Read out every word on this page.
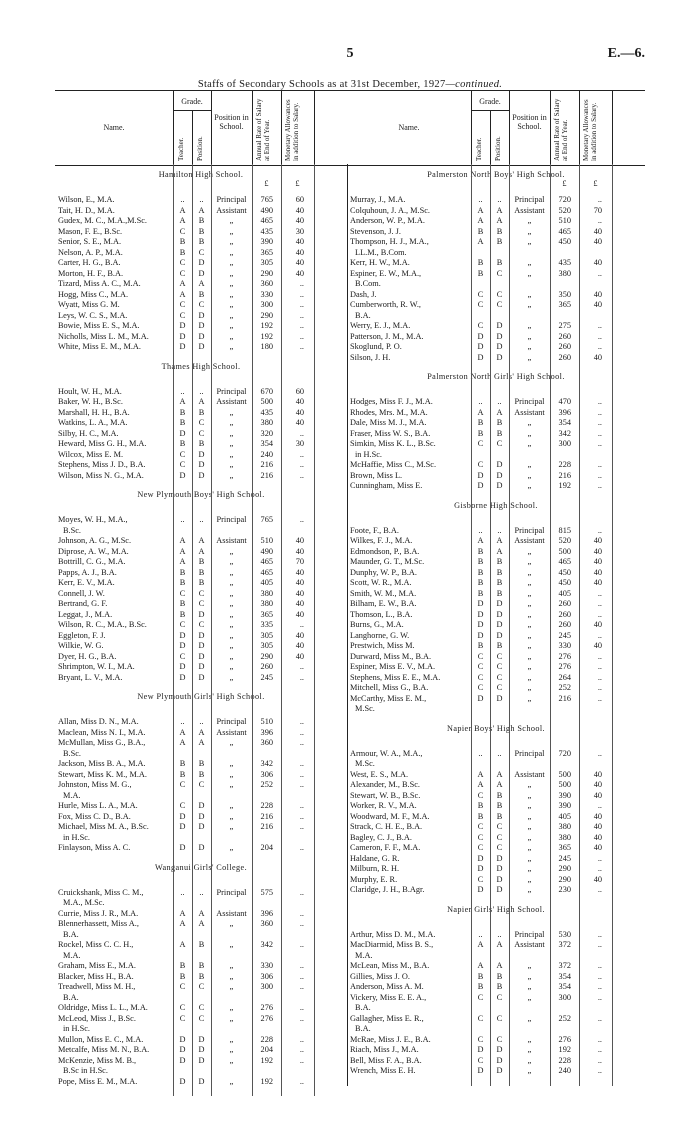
5	E.—6.
Staffs of Secondary Schools as at 31st December, 1927—continued.
Name.
Grade.
Teacher. Position.
Position in School.	Annual Rate of Salary at End of Year. Monetary Allowances in addition to Salary.	Name.
Grade.
Teacher. Position.
Position in School.	Annual Rate of Salary at End of Year. Monetary Allowances in addition to Salary.
£	£
Hamilton High School.
Wilson, E., M.A.	..	..	Principal	765	60
Tait, H. D., M.A.	A	A	Assistant	490	40
Gudex, M. C., M.A.,M.Sc.	A	B	„	465	40
Mason, F. E., B.Sc.	C	B	„	435	30
Senior, S. E., M.A.	B	B	„	390	40
Nelson, A. P., M.A.	B	C	„	365	40
Carter, H. G., B.A.	C	D	„	305	40
Morton, H. F., B.A.	C	D	„	290	40
Tizard, Miss A. C., M.A.	A	A	„	360	..
Hogg, Miss C., M.A.	A	B	„	330	..
Wyatt, Miss G. M.	C	C	„	300	..
Leys, W. C. S., M.A.	C	D	„	290	..
Bowie, Miss E. S., M.A.	D	D	„	192	..
Nicholls, Miss L. M., M.A.	D	D	„	192	..
White, Miss E. M., M.A.	D	D	„	180	..
Thames High School.
Hoult, W. H., M.A.	..	..	Principal	670	60
Baker, W. H., B.Sc.	A	A	Assistant	500	40
Marshall, H. H., B.A.	B	B	„	435	40
Watkins, L. A., M.A.	B	C	„	380	40
Silby, H. C., M.A.	D	C	„	320	..
Heward, Miss G. H., M.A.	B	B	„	354	30
Wilcox, Miss E. M.	C	D	„	240	..
Stephens, Miss J. D., B.A.	C	D	„	216	..
Wilson, Miss N. G., M.A.	D	D	„	216	..
New Plymouth Boys' High School.
Moyes, W. H., M.A.,	..	..	Principal	765	..
B.Sc.
Johnson, A. G., M.Sc.	A	A	Assistant	510	40
Diprose, A. W., M.A.	A	A	„	490	40
Bottrill, C. G., M.A.	A	B	„	465	70
Papps, A. J., B.A.	B	B	„	465	40
Kerr, E. V., M.A.	B	B	„	405	40
Connell, J. W.	C	C	„	380	40
Bertrand, G. F.	B	C	„	380	40
Leggat, J., M.A.	B	D	„	365	40
Wilson, R. C., M.A., B.Sc.	C	C	„	335	..
Eggleton, F. J.	D	D	„	305	40
Wilkie, W. G.	D	D	„	305	40
Dyer, H. G., B.A.	C	D	„	290	40
Shrimpton, W. I., M.A.	D	D	„	260	..
Bryant, L. V., M.A.	D	D	„	245	..
New Plymouth Girls' High School.
Allan, Miss D. N., M.A.	..	..	Principal	510	..
Maclean, Miss N. I., M.A.	A	A	Assistant	396	..
McMullan, Miss G., B.A.,	A	A	„	360	..
B.Sc.
Jackson, Miss B. A., M.A.	B	B	„	342	..
Stewart, Miss K. M., M.A.	B	B	„	306	..
Johnston, Miss M. G.,	C	C	„	252	..
M.A.
Hurle, Miss L. A., M.A.	C	D	„	228	..
Fox, Miss C. D., B.A.	D	D	„	216	..
Michael, Miss M. A., B.Sc.	D	D	„	216	..
in H.Sc.
Finlayson, Miss A. C.	D	D	„	204	..
Wanganui Girls' College.
Cruickshank, Miss C. M.,	..	..	Principal	575	..
M.A., M.Sc.
Currie, Miss J. R., M.A.	A	A	Assistant	396	..
Blennerhassett, Miss A.,	A	A	„	360	..
B.A.
Rockel, Miss C. C. H.,	A	B	„	342	..
M.A.
Graham, Miss E., M.A.	B	B	„	330	..
Blacker, Miss H., B.A.	B	B	„	306	..
Treadwell, Miss M. H.,	C	C	„	300	..
B.A.
Oldridge, Miss L. L., M.A.	C	C	„	276	..
McLeod, Miss J., B.Sc.	C	C	„	276	..
in H.Sc.
Mullon, Miss E. C., M.A.	D	D	„	228	..
Metcalfe, Miss M. N., B.A.	D	D	„	204	..
McKenzie, Miss M. B.,	D	D	„	192	..
B.Sc in H.Sc.
Pope, Miss E. M., M.A.	D	D	„	192	..
£	£
Palmerston North Boys' High School.
Murray, J., M.A.	..	..	Principal	720	..
Colquhoun, J. A., M.Sc.	A	A	Assistant	520	70
Anderson, W. P., M.A.	A	A	„	510	..
Stevenson, J. J.	B	B	„	465	40
Thompson, H. J., M.A.,	A	B	„	450	40
LL.M., B.Com.
Kerr, H. W., M.A.	B	B	„	435	40
Espiner, E. W., M.A.,	B	C	„	380	..
B.Com.
Dash, J.	C	C	„	350	40
Cumberworth, R. W.,	C	C	„	365	40
B.A.
Werry, E. J., M.A.	C	D	„	275	..
Patterson, J. M., M.A.	D	D	„	260	..
Skoglund, P. O.	D	D	„	260	..
Silson, J. H.	D	D	„	260	40
Palmerston North Girls' High School.
Hodges, Miss F. J., M.A.	..	..	Principal	470	..
Rhodes, Mrs. M., M.A.	A	A	Assistant	396	..
Dale, Miss M. J., M.A.	B	B	„	354	..
Fraser, Miss W. S., B.A.	B	B	„	342	..
Simkin, Miss K. L., B.Sc.	C	C	„	300	..
in H.Sc.
McHaffie, Miss C., M.Sc.	C	D	„	228	..
Brown, Miss L.	D	D	„	216	..
Cunningham, Miss E.	D	D	„	192	..
Gisborne High School.
Foote, F., B.A.	..	..	Principal	815	..
Wilkes, F. J., M.A.	A	A	Assistant	520	40
Edmondson, P., B.A.	B	A	„	500	40
Maunder, G. T., M.Sc.	B	B	„	465	40
Dunphy, W. P., B.A.	B	B	„	450	40
Scott, W. R., M.A.	B	B	„	450	40
Smith, W. M., M.A.	B	B	„	405	..
Bilham, E. W., B.A.	D	D	„	260	..
Thomson, L., B.A.	D	D	„	260	..
Burns, G., M.A.	D	D	„	260	40
Langhorne, G. W.	D	D	„	245	..
Prestwich, Miss M.	B	B	„	330	40
Durward, Miss M., B.A.	C	C	„	276	..
Espiner, Miss E. V., M.A.	C	C	„	276	..
Stephens, Miss E. E., M.A.	C	C	„	264	..
Mitchell, Miss G., B.A.	C	C	„	252	..
McCarthy, Miss E. M.,	D	D	„	216	..
M.Sc.
Napier Boys' High School.
Armour, W. A., M.A.,	..	..	Principal	720	..
M.Sc.
West, E. S., M.A.	A	A	Assistant	500	40
Alexander, M., B.Sc.	A	A	„	500	40
Stewart, W. B., B.Sc.	C	B	„	390	40
Worker, R. V., M.A.	B	B	„	390	..
Woodward, M. F., M.A.	B	B	„	405	40
Strack, C. H. E., B.A.	C	C	„	380	40
Bagley, C. J., B.A.	C	C	„	380	40
Cameron, F. F., M.A.	C	C	„	365	40
Haldane, G. R.	D	D	„	245	..
Milburn, R. H.	D	D	„	290	..
Murphy, E. R.	C	D	„	290	40
Claridge, J. H., B.Agr.	D	D	„	230	..
Napier Girls' High School.
Arthur, Miss D. M., M.A.	..	..	Principal	530	..
MacDiarmid, Miss B. S.,	A	A	Assistant	372	..
M.A.
McLean, Miss M., B.A.	A	A	„	372	..
Gillies, Miss J. O.	B	B	„	354	..
Anderson, Miss A. M.	B	B	„	354	..
Vickery, Miss E. E. A.,	C	C	„	300	..
B.A.
Gallagher, Miss E. R.,	C	C	„	252	..
B.A.
McRae, Miss J. E., B.A.	C	C	„	276	..
Riach, Miss J., M.A.	D	D	„	192	..
Bell, Miss F. A., B.A.	C	D	„	228	..
Wrench, Miss E. H.	D	D	„	240	..
